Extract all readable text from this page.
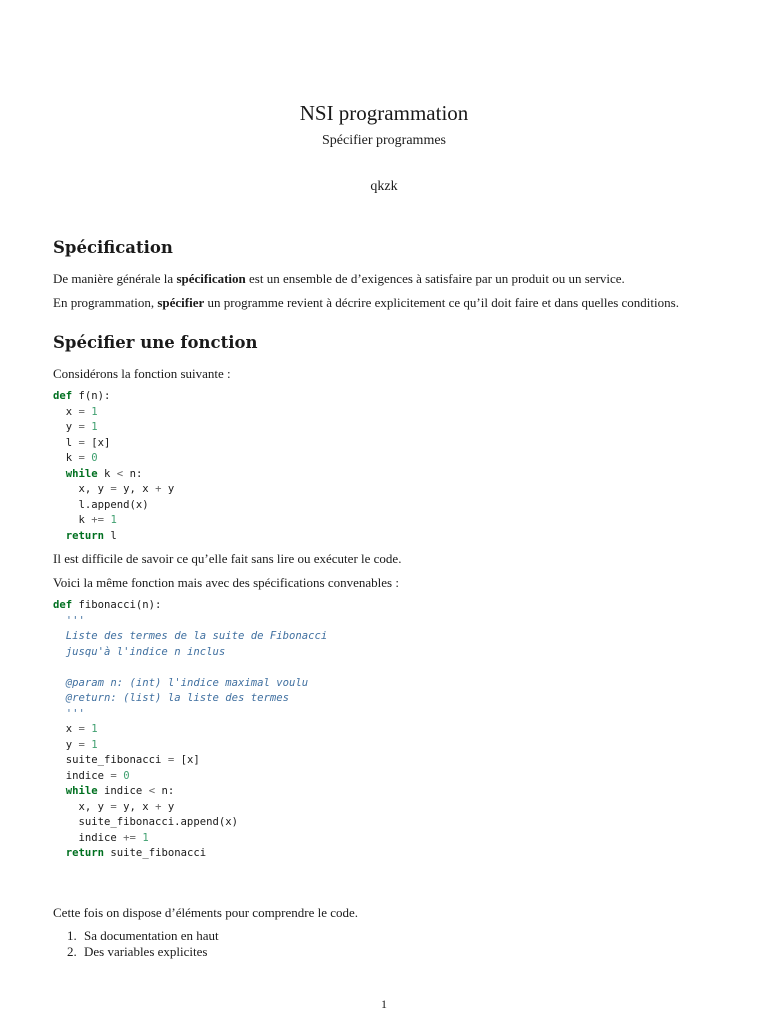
NSI programmation
Spécifier programmes
qkzk
Spécification
De manière générale la spécification est un ensemble de d’exigences à satisfaire par un produit ou un service.
En programmation, spécifier un programme revient à décrire explicitement ce qu’il doit faire et dans quelles conditions.
Spécifier une fonction
Considérons la fonction suivante :
def f(n):
x = 1
y = 1
l = [x]
k = 0
while k < n:
x, y = y, x + y
l.append(x)
k += 1
return l
Il est difficile de savoir ce qu’elle fait sans lire ou exécuter le code.
Voici la même fonction mais avec des spécifications convenables :
def fibonacci(n):
'''
Liste des termes de la suite de Fibonacci
jusqu'à l'indice n inclus
@param n: (int) l'indice maximal voulu
@return: (list) la liste des termes
'''
x = 1
y = 1
suite_fibonacci = [x]
indice = 0
while indice < n:
x, y = y, x + y
suite_fibonacci.append(x)
indice += 1
return suite_fibonacci
Cette fois on dispose d’éléments pour comprendre le code.
1. Sa documentation en haut
2. Des variables explicites
1
